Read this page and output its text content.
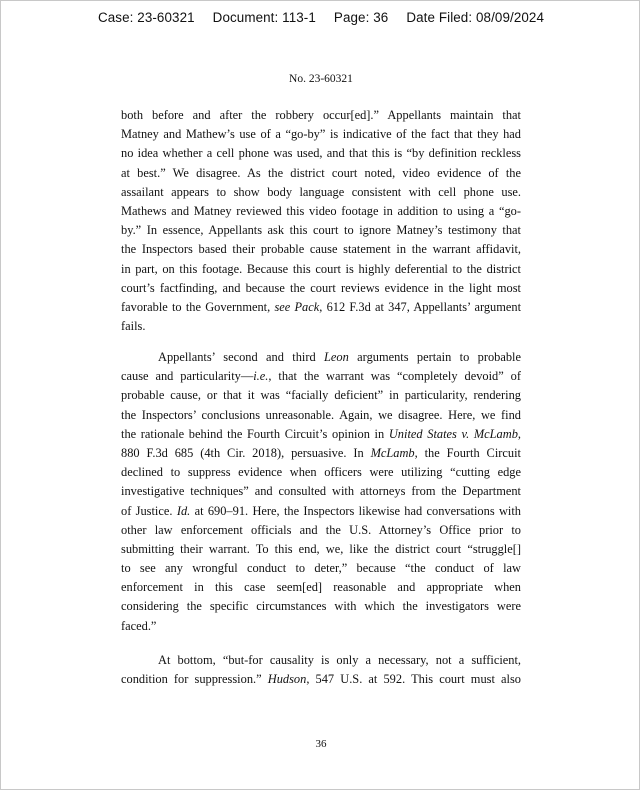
Case: 23-60321 Document: 113-1 Page: 36 Date Filed: 08/09/2024
No. 23-60321
both before and after the robbery occur[ed].” Appellants maintain that
Matney and Mathew’s use of a “go-by” is indicative of the fact that they had
no idea whether a cell phone was used, and that this is “by definition reckless
at best.” We disagree. As the district court noted, video evidence of the
assailant appears to show body language consistent with cell phone use.
Mathews and Matney reviewed this video footage in addition to using a “go-
by.” In essence, Appellants ask this court to ignore Matney’s testimony that
the Inspectors based their probable cause statement in the warrant affidavit,
in part, on this footage. Because this court is highly deferential to the district
court’s factfinding, and because the court reviews evidence in the light most
favorable to the Government, see Pack, 612 F.3d at 347, Appellants’ argument
fails.
Appellants’ second and third Leon arguments pertain to probable
cause and particularity—i.e., that the warrant was “completely devoid” of
probable cause, or that it was “facially deficient” in particularity, rendering
the Inspectors’ conclusions unreasonable. Again, we disagree. Here, we find
the rationale behind the Fourth Circuit’s opinion in United States v. McLamb,
880 F.3d 685 (4th Cir. 2018), persuasive. In McLamb, the Fourth Circuit
declined to suppress evidence when officers were utilizing “cutting edge
investigative techniques” and consulted with attorneys from the Department
of Justice. Id. at 690–91. Here, the Inspectors likewise had conversations with
other law enforcement officials and the U.S. Attorney’s Office prior to
submitting their warrant. To this end, we, like the district court “struggle[]
to see any wrongful conduct to deter,” because “the conduct of law
enforcement in this case seem[ed] reasonable and appropriate when
considering the specific circumstances with which the investigators were
faced.”
At bottom, “but-for causality is only a necessary, not a sufficient,
condition for suppression.” Hudson, 547 U.S. at 592. This court must also
36
